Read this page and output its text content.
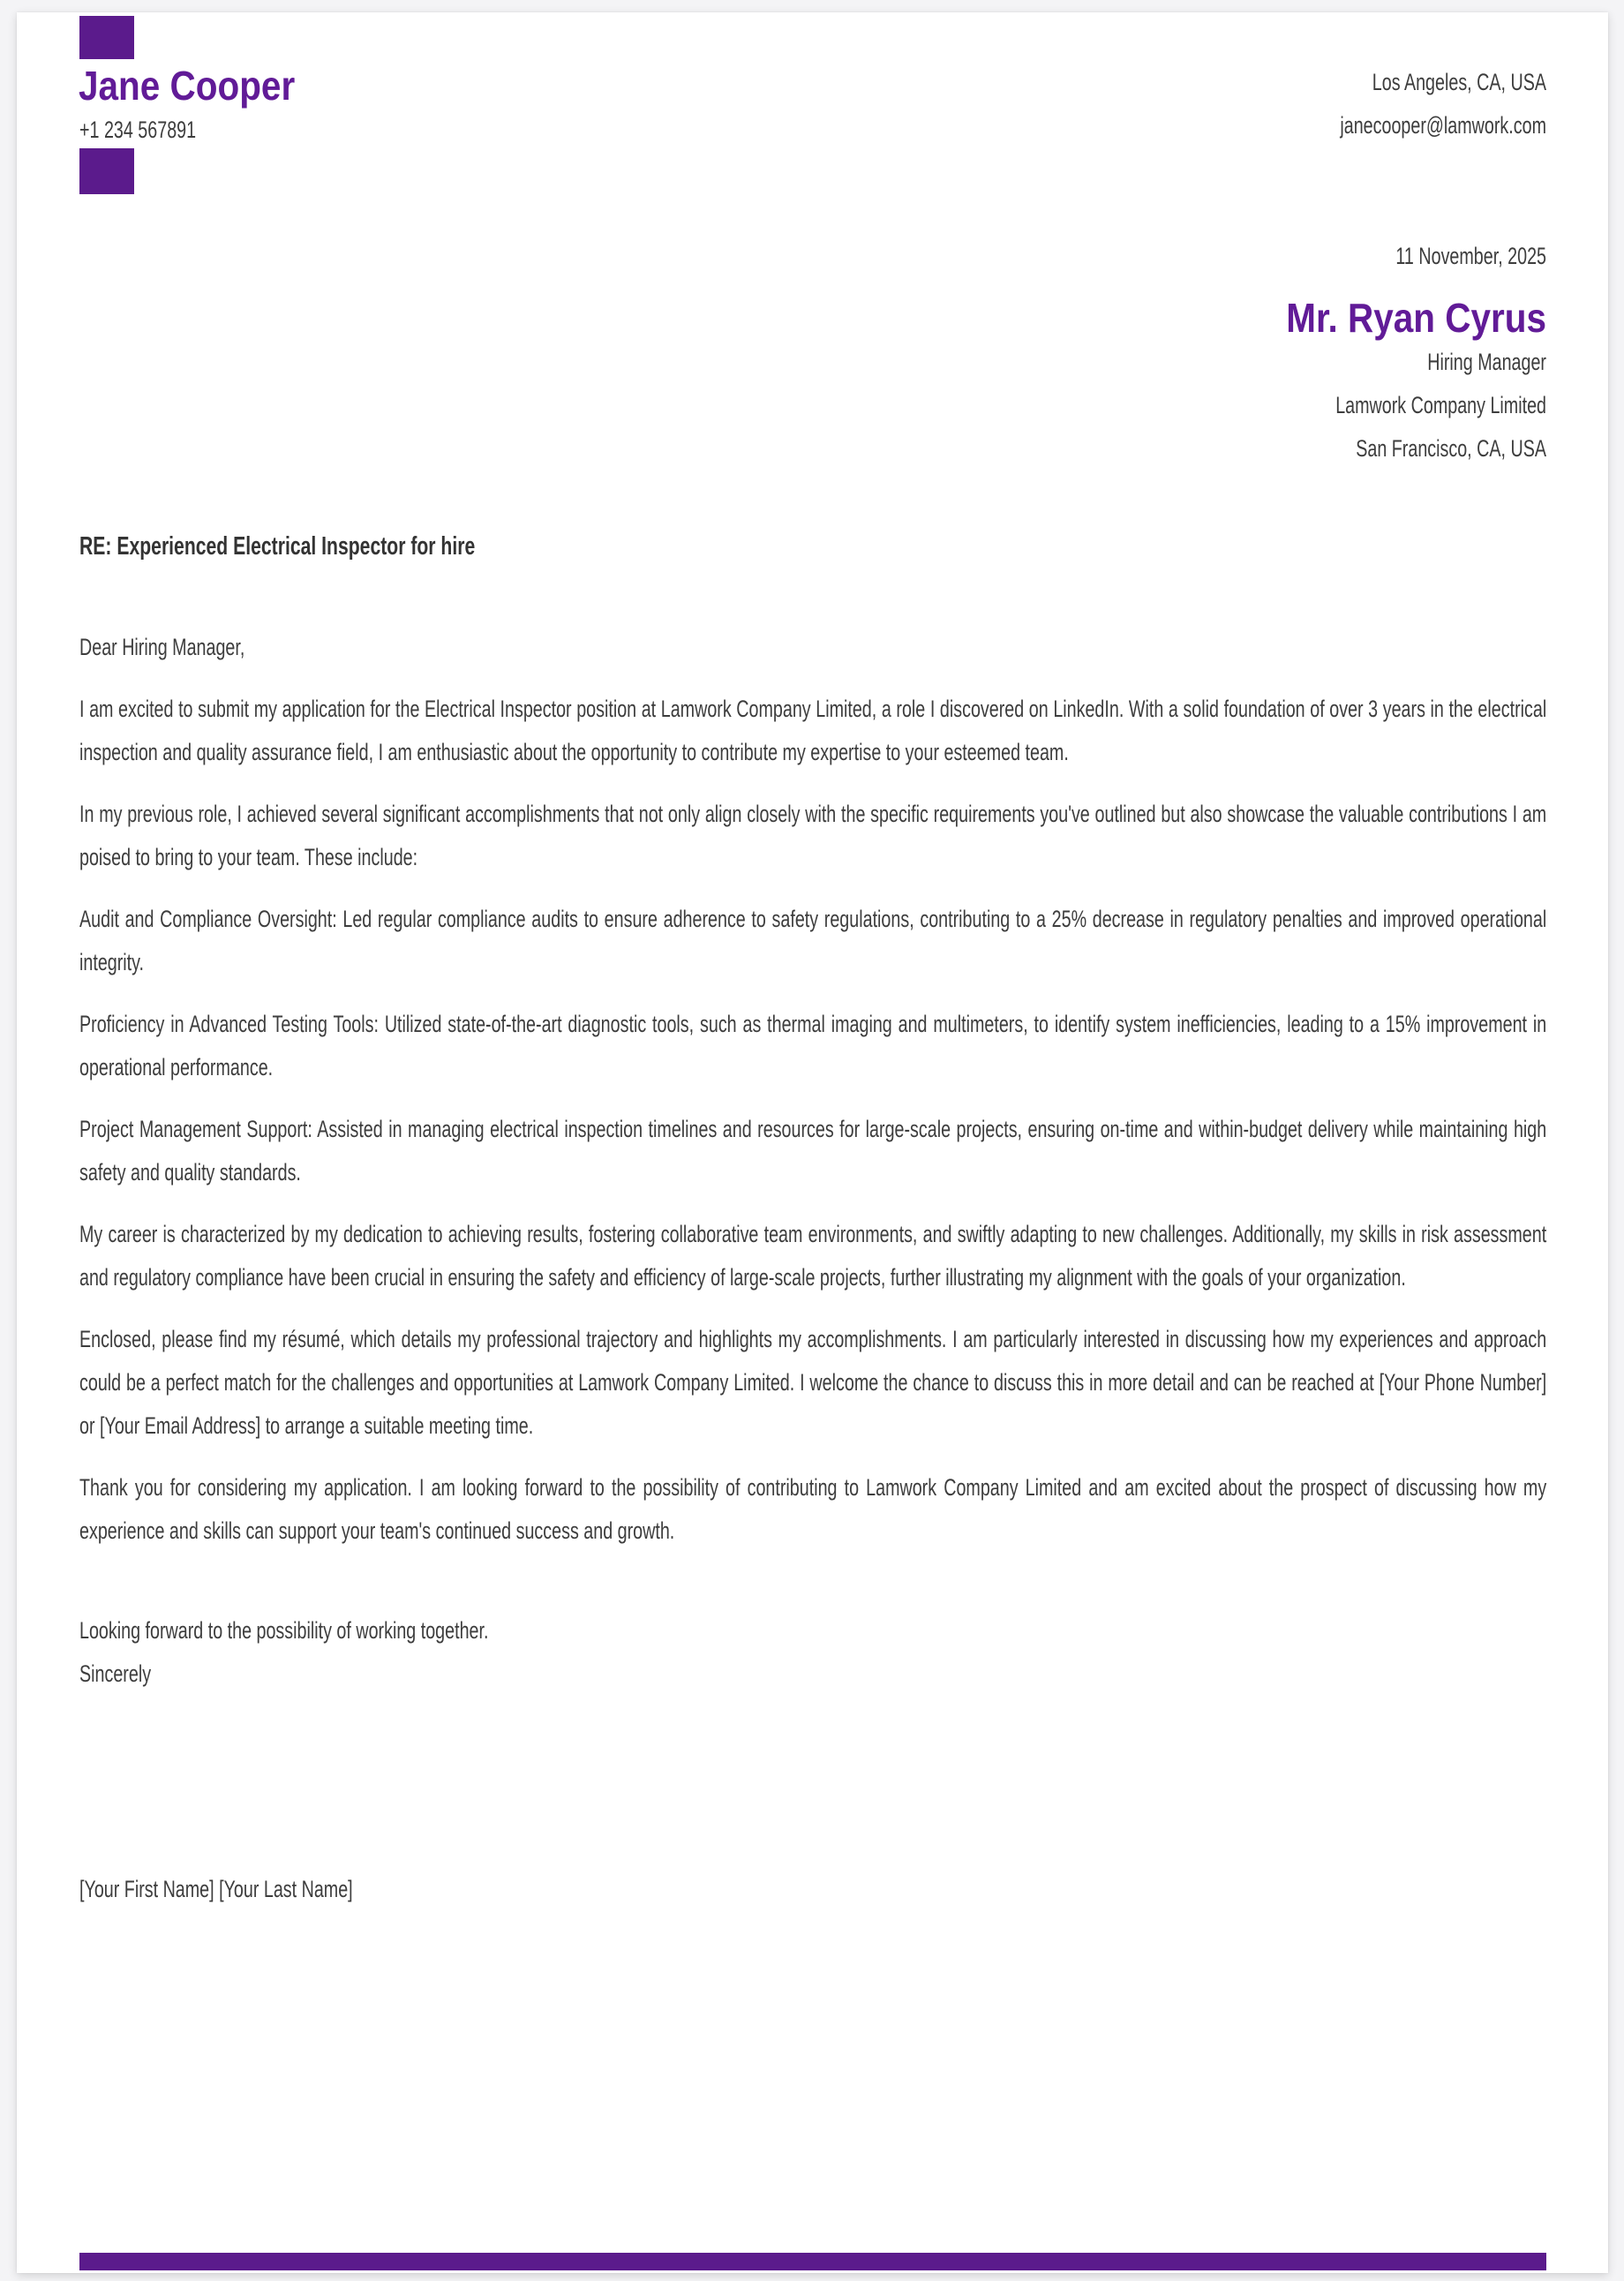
Jane Cooper
+1 234 567891
Los Angeles, CA, USA
janecooper@lamwork.com
11 November, 2025
Mr. Ryan Cyrus
Hiring Manager
Lamwork Company Limited
San Francisco, CA, USA
RE: Experienced Electrical Inspector for hire

Dear Hiring Manager,

I am excited to submit my application for the Electrical Inspector position at Lamwork Company Limited, a role I discovered on LinkedIn. With a solid foundation of over 3 years in the electrical inspection and quality assurance field, I am enthusiastic about the opportunity to contribute my expertise to your esteemed team.

In my previous role, I achieved several significant accomplishments that not only align closely with the specific requirements you've outlined but also showcase the valuable contributions I am poised to bring to your team. These include:

Audit and Compliance Oversight: Led regular compliance audits to ensure adherence to safety regulations, contributing to a 25% decrease in regulatory penalties and improved operational integrity.

Proficiency in Advanced Testing Tools: Utilized state-of-the-art diagnostic tools, such as thermal imaging and multimeters, to identify system inefficiencies, leading to a 15% improvement in operational performance.

Project Management Support: Assisted in managing electrical inspection timelines and resources for large-scale projects, ensuring on-time and within-budget delivery while maintaining high safety and quality standards.

My career is characterized by my dedication to achieving results, fostering collaborative team environments, and swiftly adapting to new challenges. Additionally, my skills in risk assessment and regulatory compliance have been crucial in ensuring the safety and efficiency of large-scale projects, further illustrating my alignment with the goals of your organization.

Enclosed, please find my résumé, which details my professional trajectory and highlights my accomplishments. I am particularly interested in discussing how my experiences and approach could be a perfect match for the challenges and opportunities at Lamwork Company Limited. I welcome the chance to discuss this in more detail and can be reached at [Your Phone Number] or [Your Email Address] to arrange a suitable meeting time.

Thank you for considering my application. I am looking forward to the possibility of contributing to Lamwork Company Limited and am excited about the prospect of discussing how my experience and skills can support your team's continued success and growth.

Looking forward to the possibility of working together.
Sincerely
[Your First Name] [Your Last Name]
